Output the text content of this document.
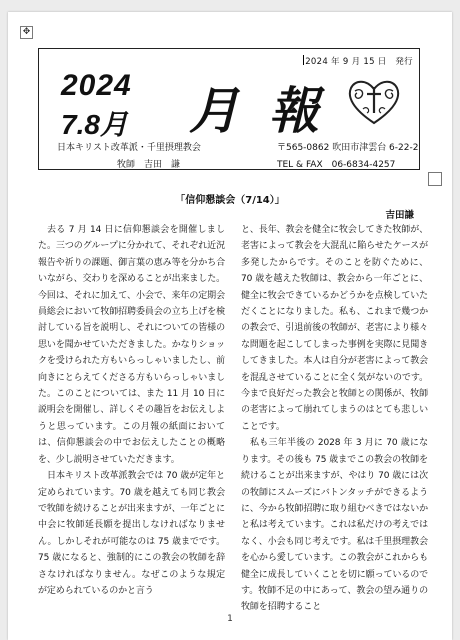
✥
2024 年 9 月 15 日　発行
2024
7.8月 月報
日本キリスト改革派・千里摂理教会
牧師　吉田　謙
〒565-0862 吹田市津雲台 6-22-2
TEL & FAX　06-6834-4257
「信仰懇談会（7/14）」
吉田謙

去る 7 月 14 日に信仰懇談会を開催しました。三つのグループに分かれて、それぞれ近況報告や祈りの課題、御言葉の恵み等を分かち合いながら、交わりを深めることが出来ました。今回は、それに加えて、小会で、来年の定期会員総会において牧師招聘委員会の立ち上げを検討している旨を説明し、それについての皆様の思いを聞かせていただきました。かなりショックを受けられた方もいらっしゃいましたし、前向きにとらえてくださる方もいらっしゃいました。このことについては、また 11 月 10 日に説明会を開催し、詳しくその趣旨をお伝えしようと思っています。この月報の紙面においては、信仰懇談会の中でお伝えしたことの概略を、少し説明させていただきます。

日本キリスト改革派教会では 70 歳が定年と定められています。70 歳を越えても同じ教会で牧師を続けることが出来ますが、一年ごとに中会に牧師延長願を提出しなければなりません。しかしそれが可能なのは 75 歳までです。75 歳になると、強制的にこの教会の牧師を辞さなければなりません。なぜこのような規定が定められているのかと言う

と、長年、教会を健全に牧会してきた牧師が、老害によって教会を大混乱に陥らせたケースが多発したからです。そのことを防ぐために、70 歳を越えた牧師は、教会から一年ごとに、健全に牧会できているかどうかを点検していただくことになりました。私も、これまで幾つかの教会で、引退前後の牧師が、老害により様々な問題を起こしてしまった事例を実際に見聞きしてきました。本人は自分が老害によって教会を混乱させていることに全く気がないのです。今まで良好だった教会と牧師との関係が、牧師の老害によって崩れてしまうのはとても悲しいことです。

私も三年半後の 2028 年 3 月に 70 歳になります。その後も 75 歳までこの教会の牧師を続けることが出来ますが、やはり 70 歳には次の牧師にスムーズにバトンタッチができるように、今から牧師招聘に取り組むべきではないかと私は考えています。これは私だけの考えではなく、小会も同じ考えです。私は千里摂理教会を心から愛しています。この教会がこれからも健全に成長していくことを切に願っているのです。牧師不足の中にあって、教会の望み通りの牧師を招聘すること

1
